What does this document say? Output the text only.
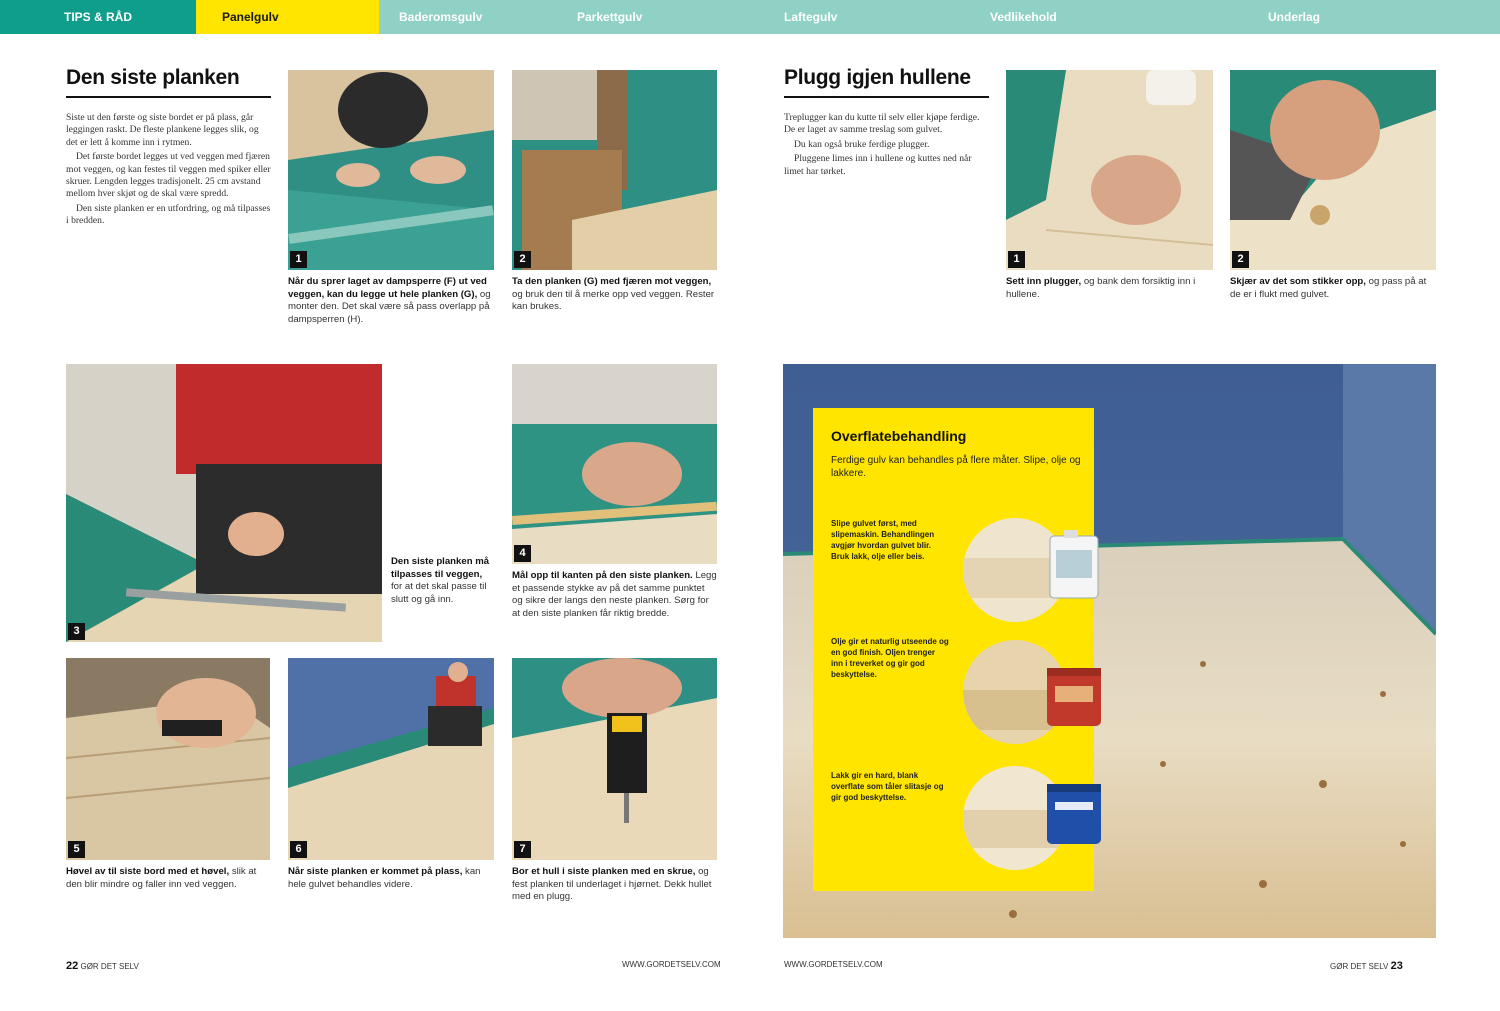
TIPS & RÅD	Panelgulv	Baderomsgulv	Parkettgulv	Laftegulv	Vedlikehold	Underlag
Den siste planken

Siste ut den første og siste bordet er på plass, går leggingen raskt. De fleste plankene legges slik, og det er lett å komme inn i rytmen.

Det første bordet legges ut ved veggen med fjæren mot veggen, og kan festes til veggen med spiker eller skruer. Lengden legges tradisjonelt. 25 cm avstand mellom hver skjøt og de skal være spredd.

Den siste planken er en utfordring, og må tilpasses i bredden.

1
Når du sprer laget av dampsperre (F) ut ved veggen, kan du legge ut hele planken (G), og monter den. Det skal være så pass overlapp på dampsperren (H).
2
Ta den planken (G) med fjæren mot veggen, og bruk den til å merke opp ved veggen. Rester kan brukes.
3
Den siste planken må tilpasses til veggen, for at det skal passe til slutt og gå inn.
4
Mål opp til kanten på den siste planken. Legg et passende stykke av på det samme punktet og sikre der langs den neste planken. Sørg for at den siste planken får riktig bredde.
5
Høvel av til siste bord med et høvel, slik at den blir mindre og faller inn ved veggen.
6
Når siste planken er kommet på plass, kan hele gulvet behandles videre.
7
Bor et hull i siste planken med en skrue, og fest planken til underlaget i hjørnet. Dekk hullet med en plugg.
22 GØR DET SELV	WWW.GORDETSELV.COM
Plugg igjen hullene

Treplugger kan du kutte til selv eller kjøpe ferdige. De er laget av samme treslag som gulvet.

Du kan også bruke ferdige plugger.

Pluggene limes inn i hullene og kuttes ned når limet har tørket.

1
Sett inn plugger, og bank dem forsiktig inn i hullene.
2
Skjær av det som stikker opp, og pass på at de er i flukt med gulvet.
Overflatebehandling
Ferdige gulv kan behandles på flere måter. Slipe, olje og lakkere.
Slipe gulvet først, med slipemaskin. Behandlingen avgjør hvordan gulvet blir. Bruk lakk, olje eller beis.
Olje gir et naturlig utseende og en god finish. Oljen trenger inn i treverket og gir god beskyttelse.
Lakk gir en hard, blank overflate som tåler slitasje og gir god beskyttelse.
WWW.GORDETSELV.COM	GØR DET SELV 23
